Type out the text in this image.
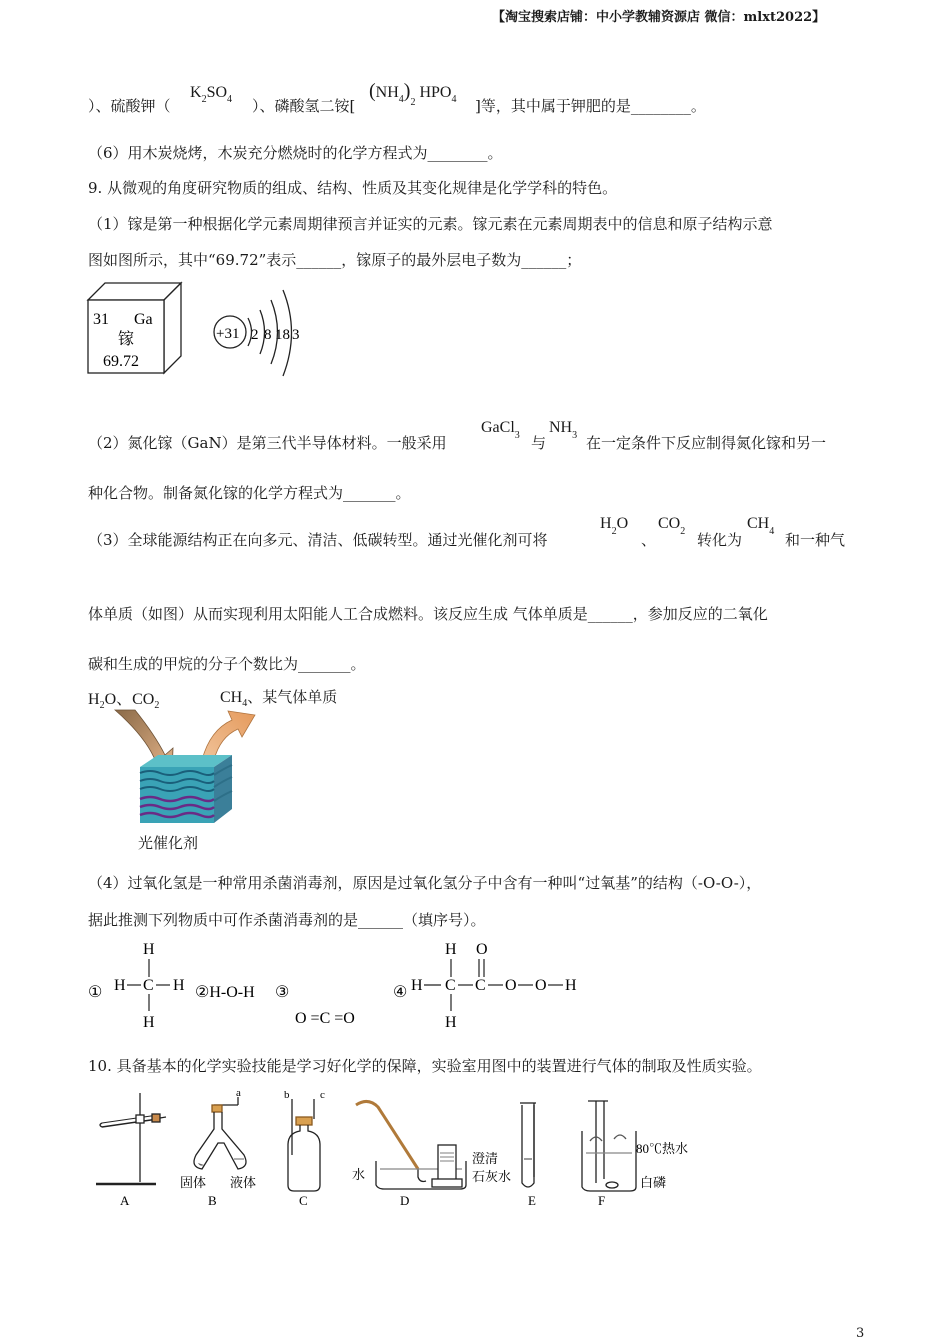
【淘宝搜索店铺：中小学教辅资源店 微信：mlxt2022】
）、硫酸钾（
$K_2SO_4$ ）、磷酸氢二铵[
$(NH_4)_2$ $HPO_4$ ]等，其中属于钾肥的是________。
（6）用木炭烧烤，木炭充分燃烧时的化学方程式为________。
9. 从微观的角度研究物质的组成、结构、性质及其变化规律是化学学科的特色。
（1）镓是第一种根据化学元素周期律预言并证实的元素。镓元素在元素周期表中的信息和原子结构示意
图如图所示，其中“69.72”表示______，镓原子的最外层电子数为______；
31 Ga
镓
69.72
+31 2 8 18 3
（2）氮化镓（GaN）是第三代半导体材料。一般采用
GaCl$_3$ 与
$NH_3$ 在一定条件下反应制得氮化镓和另一
种化合物。制备氮化镓的化学方程式为_______。
（3）全球能源结构正在向多元、清洁、低碳转型。通过光催化剂可将
$H_2O$
、
$CO_2$ 转化为
$CH_4$ 和一种气
体单质（如图）从而实现利用太阳能人工合成燃料。该反应生成 气体单质是______，参加反应的二氧化
碳和生成的甲烷的分子个数比为_______。
$H_2O$、$CO_2$	$CH_4$、某气体单质
光催化剂
（4）过氧化氢是一种常用杀菌消毒剂，原因是过氧化氢分子中含有一种叫“过氧基”的结构（-O-O-），
据此推测下列物质中可作杀菌消毒剂的是______（填序号）。
①
H
H C H
H
②H-O-H ③
O =C =O
④
H
H C C
O
O O H
H
10. 具备基本的化学实验技能是学习好化学的保障，实验室用图中的装置进行气体的制取及性质实验。
A	B	C	D	E	F
a	b	c
固体 液体
水
澄清
石灰水
80℃热水
白磷
3
